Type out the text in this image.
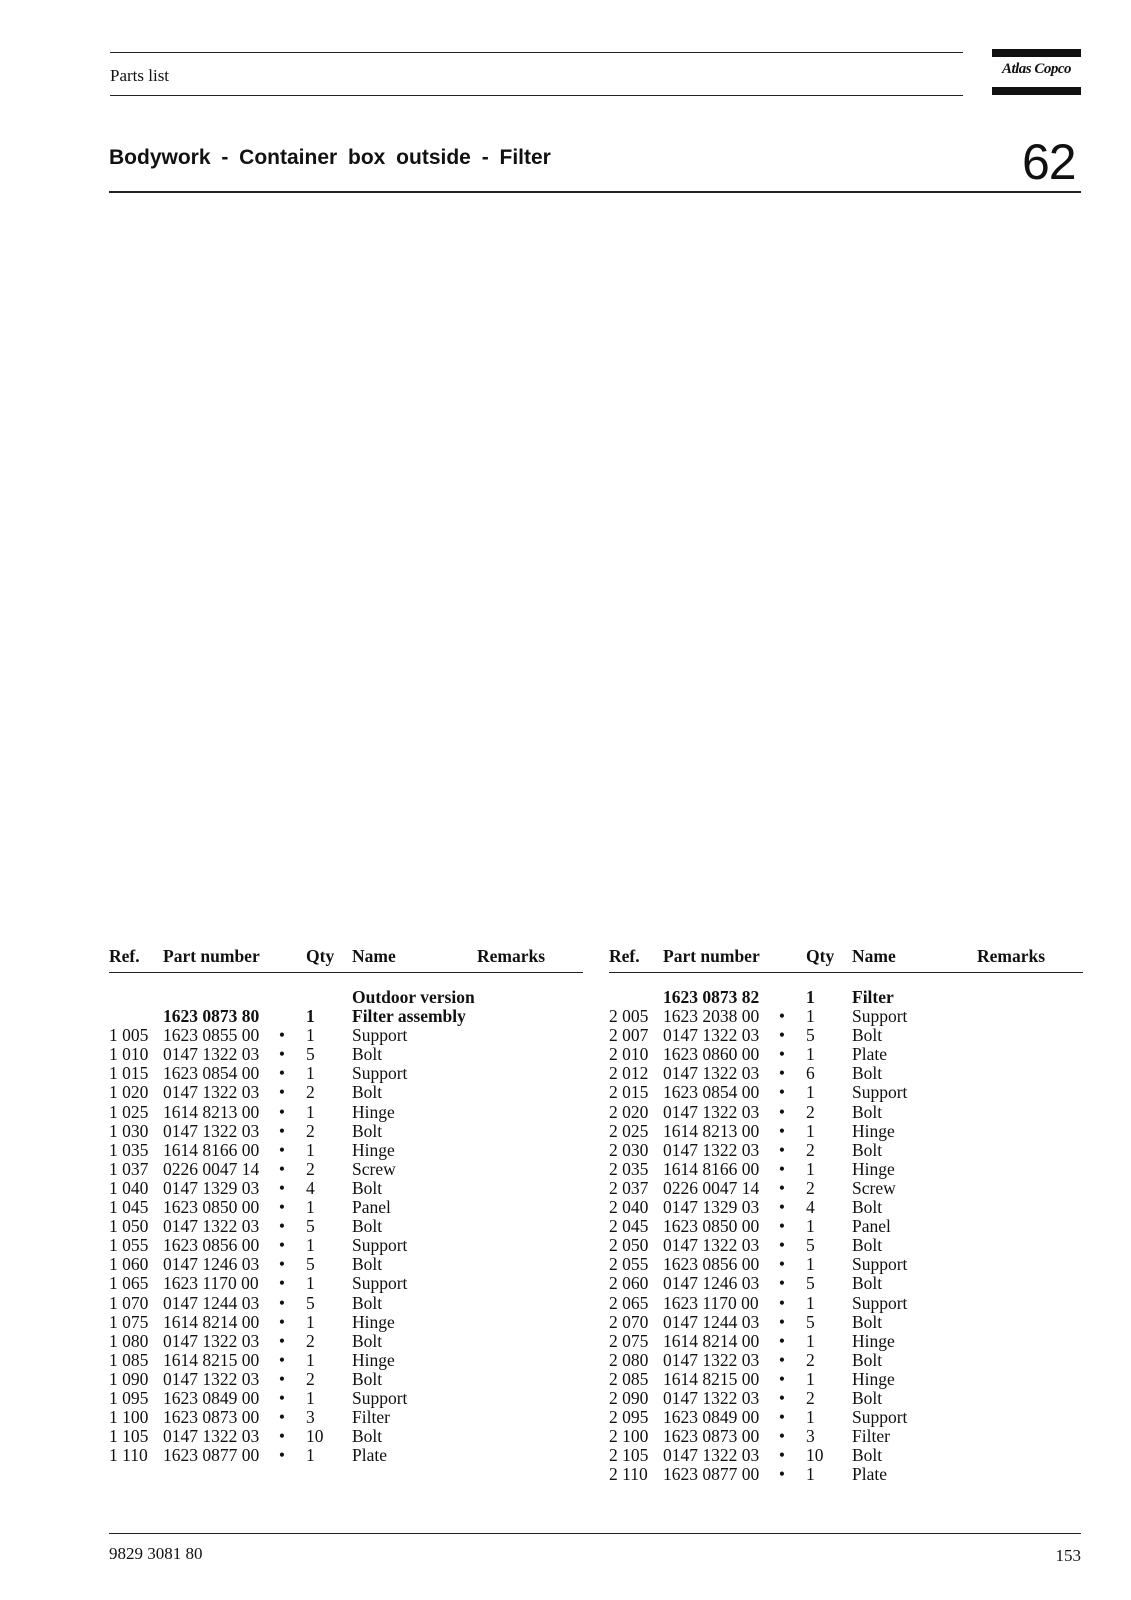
Parts list	Atlas Copco
Bodywork - Container box outside - Filter	62
Ref. Part number	Qty Name	Remarks
Outdoor version
1623 0873 80	1 Filter assembly
1 005 1623 0855 00 • 1 Support
1 010 0147 1322 03 • 5 Bolt
1 015 1623 0854 00 • 1 Support
1 020 0147 1322 03 • 2 Bolt
1 025 1614 8213 00 • 1 Hinge
1 030 0147 1322 03 • 2 Bolt
1 035 1614 8166 00 • 1 Hinge
1 037 0226 0047 14 • 2 Screw
1 040 0147 1329 03 • 4 Bolt
1 045 1623 0850 00 • 1 Panel
1 050 0147 1322 03 • 5 Bolt
1 055 1623 0856 00 • 1 Support
1 060 0147 1246 03 • 5 Bolt
1 065 1623 1170 00 • 1 Support
1 070 0147 1244 03 • 5 Bolt
1 075 1614 8214 00 • 1 Hinge
1 080 0147 1322 03 • 2 Bolt
1 085 1614 8215 00 • 1 Hinge
1 090 0147 1322 03 • 2 Bolt
1 095 1623 0849 00 • 1 Support
1 100 1623 0873 00 • 3 Filter
1 105 0147 1322 03 • 10 Bolt
1 110 1623 0877 00 • 1 Plate
Ref. Part number	Qty Name	Remarks
1623 0873 82	1 Filter
2 005 1623 2038 00 • 1 Support
2 007 0147 1322 03 • 5 Bolt
2 010 1623 0860 00 • 1 Plate
2 012 0147 1322 03 • 6 Bolt
2 015 1623 0854 00 • 1 Support
2 020 0147 1322 03 • 2 Bolt
2 025 1614 8213 00 • 1 Hinge
2 030 0147 1322 03 • 2 Bolt
2 035 1614 8166 00 • 1 Hinge
2 037 0226 0047 14 • 2 Screw
2 040 0147 1329 03 • 4 Bolt
2 045 1623 0850 00 • 1 Panel
2 050 0147 1322 03 • 5 Bolt
2 055 1623 0856 00 • 1 Support
2 060 0147 1246 03 • 5 Bolt
2 065 1623 1170 00 • 1 Support
2 070 0147 1244 03 • 5 Bolt
2 075 1614 8214 00 • 1 Hinge
2 080 0147 1322 03 • 2 Bolt
2 085 1614 8215 00 • 1 Hinge
2 090 0147 1322 03 • 2 Bolt
2 095 1623 0849 00 • 1 Support
2 100 1623 0873 00 • 3 Filter
2 105 0147 1322 03 • 10 Bolt
2 110 1623 0877 00 • 1 Plate
9829 3081 80	153
